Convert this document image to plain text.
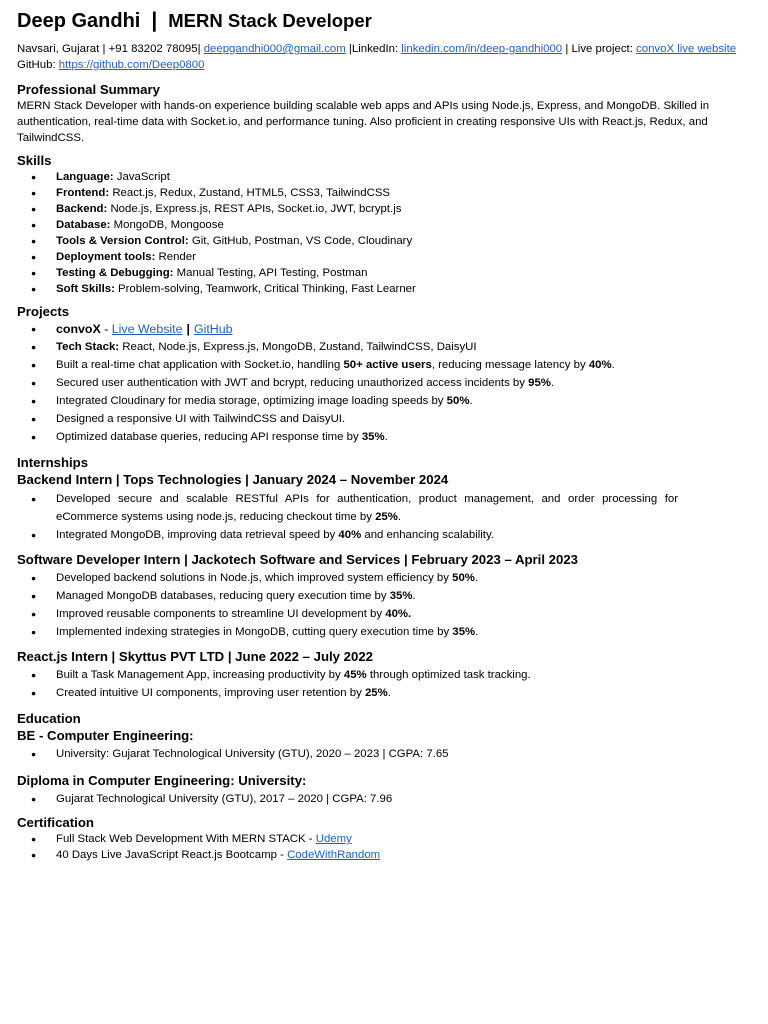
Deep Gandhi | MERN Stack Developer
Navsari, Gujarat | +91 83202 78095| deepgandhi000@gmail.com |LinkedIn: linkedin.com/in/deep-gandhi000 | Live project: convoX live website
GitHub: https://github.com/Deep0800
Professional Summary
MERN Stack Developer with hands-on experience building scalable web apps and APIs using Node.js, Express, and MongoDB. Skilled in authentication, real-time data with Socket.io, and performance tuning. Also proficient in creating responsive UIs with React.js, Redux, and TailwindCSS.
Skills
● Language: JavaScript
● Frontend: React.js, Redux, Zustand, HTML5, CSS3, TailwindCSS
● Backend: Node.js, Express.js, REST APIs, Socket.io, JWT, bcrypt.js
● Database: MongoDB, Mongoose
● Tools & Version Control: Git, GitHub, Postman, VS Code, Cloudinary
● Deployment tools: Render
● Testing & Debugging: Manual Testing, API Testing, Postman
● Soft Skills: Problem-solving, Teamwork, Critical Thinking, Fast Learner
Projects
● convoX - Live Website | GitHub
● Tech Stack: React, Node.js, Express.js, MongoDB, Zustand, TailwindCSS, DaisyUI
● Built a real-time chat application with Socket.io, handling 50+ active users, reducing message latency by 40%.
● Secured user authentication with JWT and bcrypt, reducing unauthorized access incidents by 95%.
● Integrated Cloudinary for media storage, optimizing image loading speeds by 50%.
● Designed a responsive UI with TailwindCSS and DaisyUI.
● Optimized database queries, reducing API response time by 35%.
Internships
Backend Intern | Tops Technologies | January 2024 – November 2024
● Developed secure and scalable RESTful APIs for authentication, product management, and order processing for eCommerce systems using node.js, reducing checkout time by 25%.
● Integrated MongoDB, improving data retrieval speed by 40% and enhancing scalability.
Software Developer Intern | Jackotech Software and Services | February 2023 – April 2023
● Developed backend solutions in Node.js, which improved system efficiency by 50%.
● Managed MongoDB databases, reducing query execution time by 35%.
● Improved reusable components to streamline UI development by 40%.
● Implemented indexing strategies in MongoDB, cutting query execution time by 35%.
React.js Intern | Skyttus PVT LTD | June 2022 – July 2022
● Built a Task Management App, increasing productivity by 45% through optimized task tracking.
● Created intuitive UI components, improving user retention by 25%.
Education
BE - Computer Engineering:
● University: Gujarat Technological University (GTU), 2020 – 2023 | CGPA: 7.65
Diploma in Computer Engineering: University:
● Gujarat Technological University (GTU), 2017 – 2020 | CGPA: 7.96
Certification
● Full Stack Web Development With MERN STACK - Udemy
● 40 Days Live JavaScript React.js Bootcamp - CodeWithRandom
